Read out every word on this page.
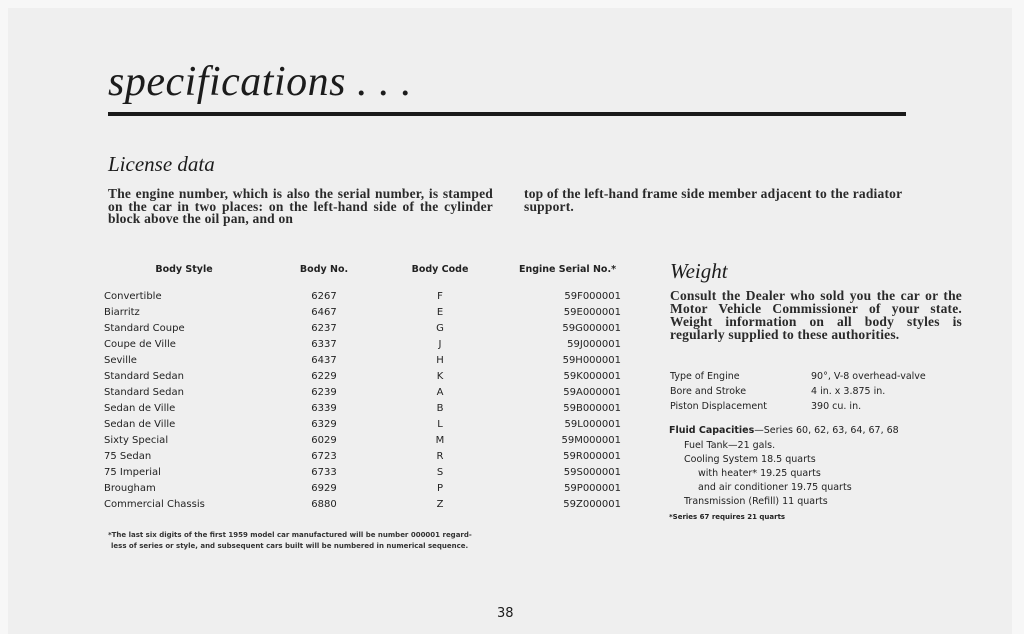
specifications . . .
License data
The engine number, which is also the serial number, is stamped on the car in two places: on the left-hand side of the cylinder block above the oil pan, and on
top of the left-hand frame side member adjacent to the radiator support.
Body Style	Body No.	Body Code	Engine Serial No.*
Convertible	6267	F	59F000001
Biarritz	6467	E	59E000001
Standard Coupe	6237	G	59G000001
Coupe de Ville	6337	J	59J000001
Seville	6437	H	59H000001
Standard Sedan	6229	K	59K000001
Standard Sedan	6239	A	59A000001
Sedan de Ville	6339	B	59B000001
Sedan de Ville	6329	L	59L000001
Sixty Special	6029	M	59M000001
75 Sedan	6723	R	59R000001
75 Imperial	6733	S	59S000001
Brougham	6929	P	59P000001
Commercial Chassis	6880	Z	59Z000001
*The last six digits of the first 1959 model car manufactured will be number 000001 regard-
less of series or style, and subsequent cars built will be numbered in numerical sequence.
Weight
Consult the Dealer who sold you the car or the Motor Vehicle Commissioner of your state. Weight information on all body styles is regularly supplied to these authorities.
Type of Engine	90°, V-8 overhead-valve
Bore and Stroke	4 in. x 3.875 in.
Piston Displacement	390 cu. in.
Fluid Capacities—Series 60, 62, 63, 64, 67, 68
Fuel Tank—21 gals.
Cooling System 18.5 quarts
with heater* 19.25 quarts
and air conditioner 19.75 quarts
Transmission (Refill) 11 quarts
*Series 67 requires 21 quarts
38
